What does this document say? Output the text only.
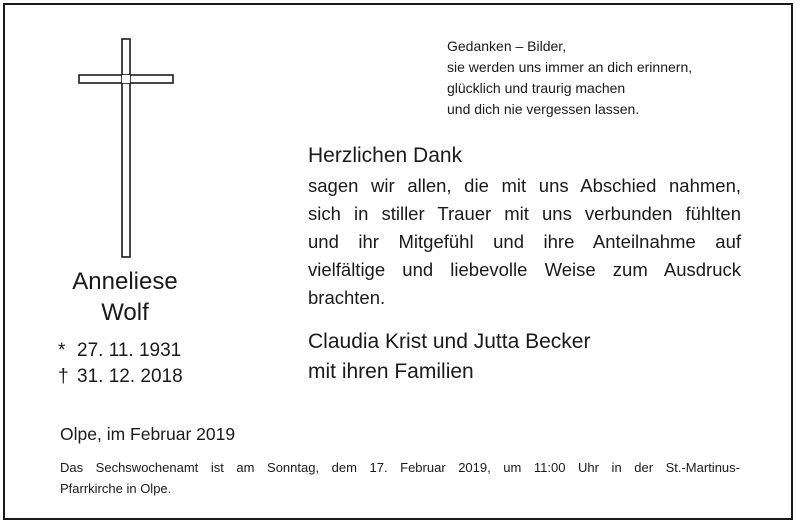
Gedanken – Bilder,
sie werden uns immer an dich erinnern,
glücklich und traurig machen
und dich nie vergessen lassen.
Herzlichen Dank
sagen wir allen, die mit uns Abschied nahmen,
sich in stiller Trauer mit uns verbunden fühlten
und ihr Mitgefühl und ihre Anteilnahme auf
vielfältige und liebevolle Weise zum Ausdruck
brachten.
Anneliese
Wolf
* 27. 11. 1931
† 31. 12. 2018
Claudia Krist und Jutta Becker
mit ihren Familien
Olpe, im Februar 2019
Das Sechswochenamt ist am Sonntag, dem 17. Februar 2019, um 11:00 Uhr in der St.-Martinus-
Pfarrkirche in Olpe.
